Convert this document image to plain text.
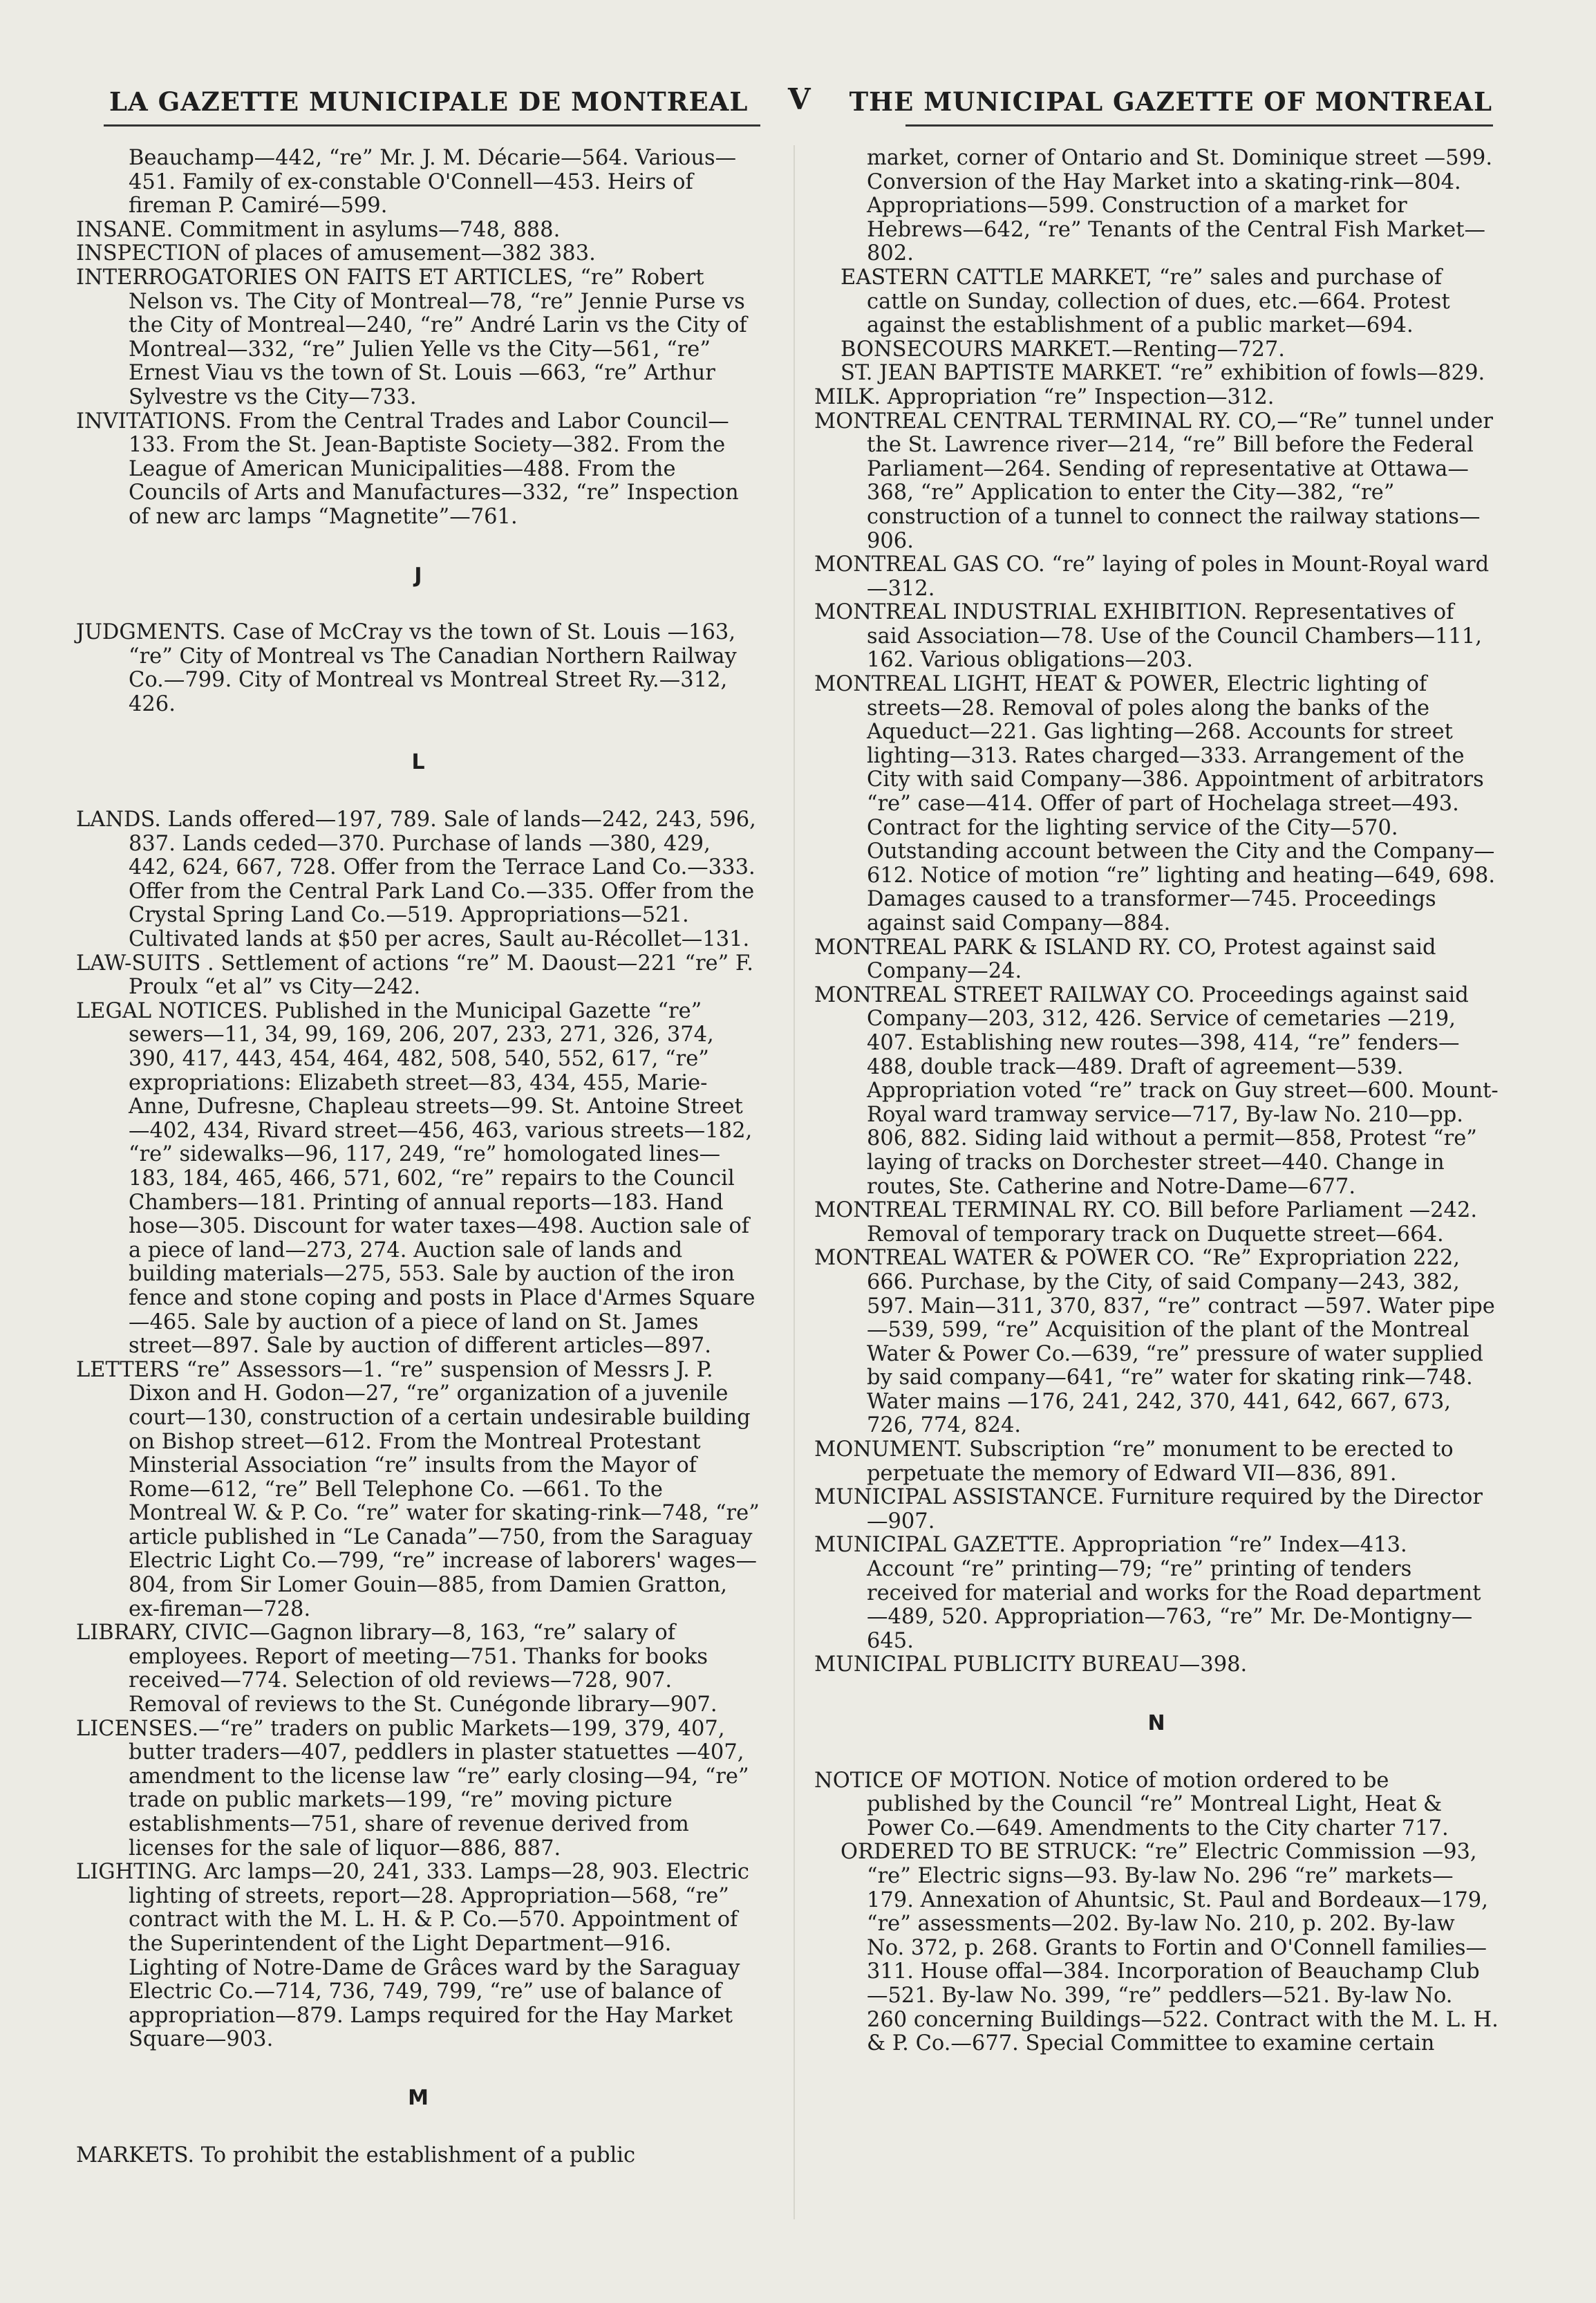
LA GAZETTE MUNICIPALE DE MONTREAL V THE MUNICIPAL GAZETTE OF MONTREAL

Beauchamp—442, “re” Mr. J. M. Décarie—564. Various—451. Family of ex-constable O'Connell—453. Heirs of fireman P. Camiré—599.

INSANE. Commitment in asylums—748, 888.

INSPECTION of places of amusement—382 383.

INTERROGATORIES ON FAITS ET ARTICLES, “re” Robert Nelson vs. The City of Montreal—78, “re” Jennie Purse vs the City of Montreal—240, “re” André Larin vs the City of Montreal—332, “re” Julien Yelle vs the City—561, “re” Ernest Viau vs the town of St. Louis —663, “re” Arthur Sylvestre vs the City—733.

INVITATIONS. From the Central Trades and Labor Council—133. From the St. Jean-Baptiste Society—382. From the League of American Municipalities—488. From the Councils of Arts and Manufactures—332, “re” Inspection of new arc lamps “Magnetite”—761.

J

JUDGMENTS. Case of McCray vs the town of St. Louis —163, “re” City of Montreal vs The Canadian Northern Railway Co.—799. City of Montreal vs Montreal Street Ry.—312, 426.

L

LANDS. Lands offered—197, 789. Sale of lands—242, 243, 596, 837. Lands ceded—370. Purchase of lands —380, 429, 442, 624, 667, 728. Offer from the Terrace Land Co.—333. Offer from the Central Park Land Co.—335. Offer from the Crystal Spring Land Co.—519. Appropriations—521. Cultivated lands at $50 per acres, Sault au-Récollet—131.

LAW-SUITS . Settlement of actions “re” M. Daoust—221 “re” F. Proulx “et al” vs City—242.

LEGAL NOTICES. Published in the Municipal Gazette “re” sewers—11, 34, 99, 169, 206, 207, 233, 271, 326, 374, 390, 417, 443, 454, 464, 482, 508, 540, 552, 617, “re” expropriations: Elizabeth street—83, 434, 455, Marie-Anne, Dufresne, Chapleau streets—99. St. Antoine Street—402, 434, Rivard street—456, 463, various streets—182, “re” sidewalks—96, 117, 249, “re” homologated lines—183, 184, 465, 466, 571, 602, “re” repairs to the Council Chambers—181. Printing of annual reports—183. Hand hose—305. Discount for water taxes—498. Auction sale of a piece of land—273, 274. Auction sale of lands and building materials—275, 553. Sale by auction of the iron fence and stone coping and posts in Place d'Armes Square—465. Sale by auction of a piece of land on St. James street—897. Sale by auction of different articles—897.

LETTERS “re” Assessors—1. “re” suspension of Messrs J. P. Dixon and H. Godon—27, “re” organization of a juvenile court—130, construction of a certain undesirable building on Bishop street—612. From the Montreal Protestant Minsterial Association “re” insults from the Mayor of Rome—612, “re” Bell Telephone Co. —661. To the Montreal W. & P. Co. “re” water for skating-rink—748, “re” article published in “Le Canada”—750, from the Saraguay Electric Light Co.—799, “re” increase of laborers' wages—804, from Sir Lomer Gouin—885, from Damien Gratton, ex-fireman—728.

LIBRARY, CIVIC—Gagnon library—8, 163, “re” salary of employees. Report of meeting—751. Thanks for books received—774. Selection of old reviews—728, 907. Removal of reviews to the St. Cunégonde library—907.

LICENSES.—“re” traders on public Markets—199, 379, 407, butter traders—407, peddlers in plaster statuettes —407, amendment to the license law “re” early closing—94, “re” trade on public markets—199, “re” moving picture establishments—751, share of revenue derived from licenses for the sale of liquor—886, 887.

LIGHTING. Arc lamps—20, 241, 333. Lamps—28, 903. Electric lighting of streets, report—28. Appropriation—568, “re” contract with the M. L. H. & P. Co.—570. Appointment of the Superintendent of the Light Department—916. Lighting of Notre-Dame de Grâces ward by the Saraguay Electric Co.—714, 736, 749, 799, “re” use of balance of appropriation—879. Lamps required for the Hay Market Square—903.

M

MARKETS. To prohibit the establishment of a public

market, corner of Ontario and St. Dominique street —599. Conversion of the Hay Market into a skating-rink—804. Appropriations—599. Construction of a market for Hebrews—642, “re” Tenants of the Central Fish Market—802.

EASTERN CATTLE MARKET, “re” sales and purchase of cattle on Sunday, collection of dues, etc.—664. Protest against the establishment of a public market—694.

BONSECOURS MARKET.—Renting—727.

ST. JEAN BAPTISTE MARKET. “re” exhibition of fowls—829.

MILK. Appropriation “re” Inspection—312.

MONTREAL CENTRAL TERMINAL RY. CO,—“Re” tunnel under the St. Lawrence river—214, “re” Bill before the Federal Parliament—264. Sending of representative at Ottawa—368, “re” Application to enter the City—382, “re” construction of a tunnel to connect the railway stations—906.

MONTREAL GAS CO. “re” laying of poles in Mount-Royal ward—312.

MONTREAL INDUSTRIAL EXHIBITION. Representatives of said Association—78. Use of the Council Chambers—111, 162. Various obligations—203.

MONTREAL LIGHT, HEAT & POWER, Electric lighting of streets—28. Removal of poles along the banks of the Aqueduct—221. Gas lighting—268. Accounts for street lighting—313. Rates charged—333. Arrangement of the City with said Company—386. Appointment of arbitrators “re” case—414. Offer of part of Hochelaga street—493. Contract for the lighting service of the City—570. Outstanding account between the City and the Company—612. Notice of motion “re” lighting and heating—649, 698. Damages caused to a transformer—745. Proceedings against said Company—884.

MONTREAL PARK & ISLAND RY. CO, Protest against said Company—24.

MONTREAL STREET RAILWAY CO. Proceedings against said Company—203, 312, 426. Service of cemetaries —219, 407. Establishing new routes—398, 414, “re” fenders—488, double track—489. Draft of agreement—539. Appropriation voted “re” track on Guy street—600. Mount-Royal ward tramway service—717, By-law No. 210—pp. 806, 882. Siding laid without a permit—858, Protest “re” laying of tracks on Dorchester street—440. Change in routes, Ste. Catherine and Notre-Dame—677.

MONTREAL TERMINAL RY. CO. Bill before Parliament —242. Removal of temporary track on Duquette street—664.

MONTREAL WATER & POWER CO. “Re” Expropriation 222, 666. Purchase, by the City, of said Company—243, 382, 597. Main—311, 370, 837, “re” contract —597. Water pipe—539, 599, “re” Acquisition of the plant of the Montreal Water & Power Co.—639, “re” pressure of water supplied by said company—641, “re” water for skating rink—748. Water mains —176, 241, 242, 370, 441, 642, 667, 673, 726, 774, 824.

MONUMENT. Subscription “re” monument to be erected to perpetuate the memory of Edward VII—836, 891.

MUNICIPAL ASSISTANCE. Furniture required by the Director—907.

MUNICIPAL GAZETTE. Appropriation “re” Index—413. Account “re” printing—79; “re” printing of tenders received for material and works for the Road department—489, 520. Appropriation—763, “re” Mr. De-Montigny—645.

MUNICIPAL PUBLICITY BUREAU—398.

N

NOTICE OF MOTION. Notice of motion ordered to be published by the Council “re” Montreal Light, Heat & Power Co.—649. Amendments to the City charter 717.

ORDERED TO BE STRUCK: “re” Electric Commission —93, “re” Electric signs—93. By-law No. 296 “re” markets—179. Annexation of Ahuntsic, St. Paul and Bordeaux—179, “re” assessments—202. By-law No. 210, p. 202. By-law No. 372, p. 268. Grants to Fortin and O'Connell families—311. House offal—384. Incorporation of Beauchamp Club—521. By-law No. 399, “re” peddlers—521. By-law No. 260 concerning Buildings—522. Contract with the M. L. H. & P. Co.—677. Special Committee to examine certain
